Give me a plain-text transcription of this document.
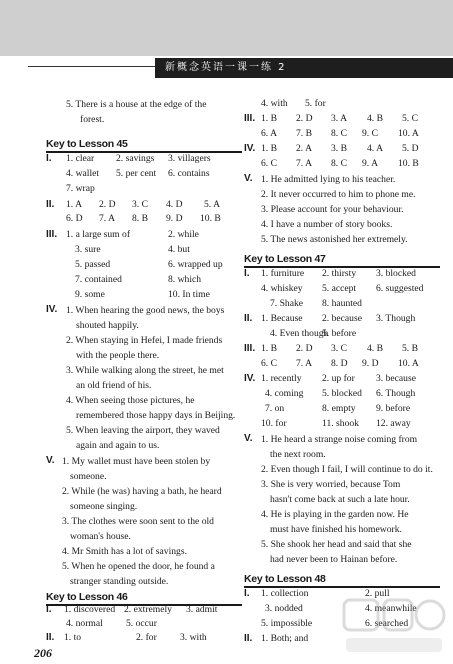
新概念英语一课一练 2
5. There is a house at the edge of the
forest.
Key to Lesson 45
I. 1. clear 2. savings 3. villagers
4. wallet 5. per cent 6. contains
7. wrap
II. 1. A 2. D 3. C 4. D 5. A
6. D 7. A 8. B 9. D 10. B
III. 1. a large sum of	2. while
3. sure	4. but
5. passed	6. wrapped up
7. contained	8. which
9. some	10. In time
IV. 1. When hearing the good news, the boys
shouted happily.
2. When staying in Hefei, I made friends
with the people there.
3. While walking along the street, he met
an old friend of his.
4. When seeing those pictures, he
remembered those happy days in Beijing.
5. When leaving the airport, they waved
again and again to us.
V. 1. My wallet must have been stolen by
someone.
2. While (he was) having a bath, he heard
someone singing.
3. The clothes were soon sent to the old
woman's house.
4. Mr Smith has a lot of savings.
5. When he opened the door, he found a
stranger standing outside.
Key to Lesson 46
I. 1. discovered 2. extremely 3. admit
4. normal 5. occur
II. 1. to	2. for 3. with
4. with 5. for
III. 1. B 2. D 3. A 4. B 5. C
6. A 7. B 8. C 9. C 10. A
IV. 1. B 2. A 3. B 4. A 5. D
6. C 7. A 8. C 9. A 10. B
V. 1. He admitted lying to his teacher.
2. It never occurred to him to phone me.
3. Please account for your behaviour.
4. I have a number of story books.
5. The news astonished her extremely.
Key to Lesson 47
I. 1. furniture 2. thirsty 3. blocked
4. whiskey 5. accept 6. suggested
7. Shake 8. haunted
II. 1. Because 2. because 3. Though
4. Even though
5. before
III. 1. B 2. D 3. C 4. B 5. B
6. C 7. A 8. D 9. D 10. A
IV. 1. recently 2. up for 3. because
4. coming 5. blocked 6. Though
7. on	8. empty 9. before
10. for	11. shook 12. away
V. 1. He heard a strange noise coming from
the next room.
2. Even though I fail, I will continue to do it.
3. She is very worried, because Tom
hasn't come back at such a late hour.
4. He is playing in the garden now. He
must have finished his homework.
5. She shook her head and said that she
had never been to Hainan before.
Key to Lesson 48
I. 1. collection	2. pull
3. nodded	4. meanwhile
5. impossible	6. searched
II. 1. Both; and
206
